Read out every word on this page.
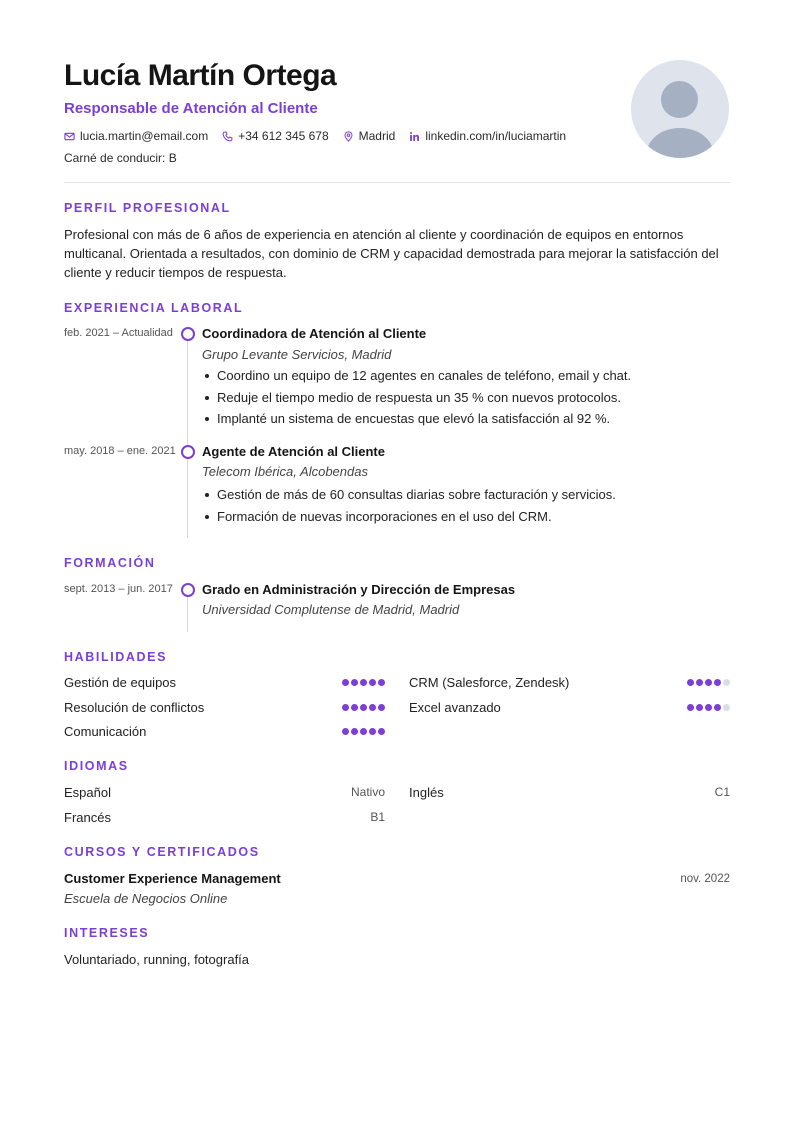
Lucía Martín Ortega
Responsable de Atención al Cliente
lucia.martin@email.com	+34 612 345 678	Madrid	linkedin.com/in/luciamartin
Carné de conducir: B
PERFIL PROFESIONAL
Profesional con más de 6 años de experiencia en atención al cliente y coordinación de equipos en entornos multicanal. Orientada a resultados, con dominio de CRM y capacidad demostrada para mejorar la satisfacción del cliente y reducir tiempos de respuesta.
EXPERIENCIA LABORAL
feb. 2021 – Actualidad Coordinadora de Atención al Cliente
Grupo Levante Servicios, Madrid
Coordino un equipo de 12 agentes en canales de teléfono, email y chat.
Reduje el tiempo medio de respuesta un 35 % con nuevos protocolos.
Implanté un sistema de encuestas que elevó la satisfacción al 92 %.
may. 2018 – ene. 2021 Agente de Atención al Cliente
Telecom Ibérica, Alcobendas
Gestión de más de 60 consultas diarias sobre facturación y servicios.
Formación de nuevas incorporaciones en el uso del CRM.
FORMACIÓN
sept. 2013 – jun. 2017 Grado en Administración y Dirección de Empresas
Universidad Complutense de Madrid, Madrid
HABILIDADES
Gestión de equipos	CRM (Salesforce, Zendesk)
Resolución de conflictos	Excel avanzado
Comunicación
IDIOMAS
Español	Nativo Inglés	C1
Francés	B1
CURSOS Y CERTIFICADOS
Customer Experience Management	nov. 2022
Escuela de Negocios Online
INTERESES
Voluntariado, running, fotografía
